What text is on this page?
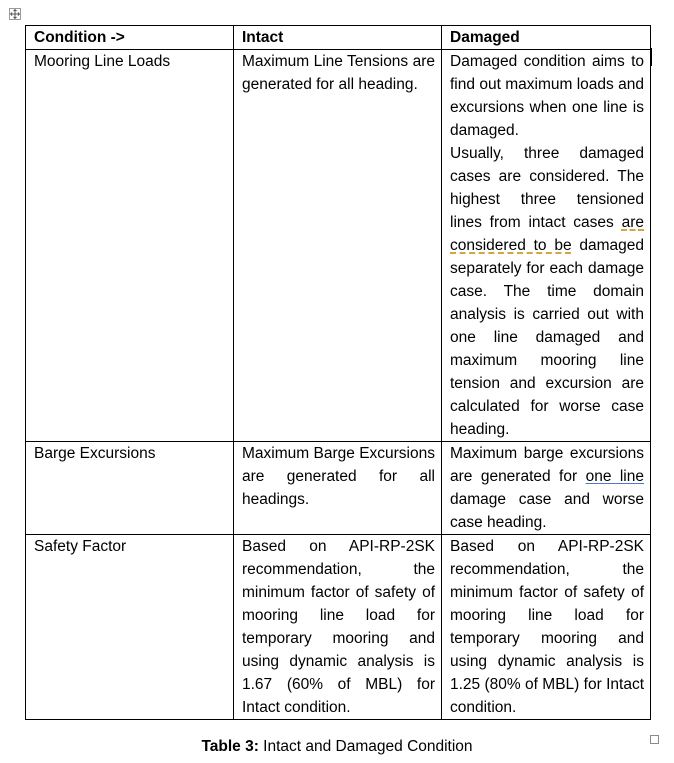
Condition ->	Intact	Damaged
Mooring Line Loads	Maximum Line Tensions are generated for all heading.	Damaged condition aims to find out maximum loads and excursions when one line is damaged.
Usually, three damaged cases are considered. The highest three tensioned lines from intact cases are considered to be damaged separately for each damage case. The time domain analysis is carried out with one line damaged and maximum mooring line tension and excursion are calculated for worse case heading.

Barge Excursions	Maximum Barge Excursions are generated for all headings.	Maximum barge excursions are generated for one line damage case and worse case heading.
Safety Factor	Based on API-RP-2SK recommendation, the minimum factor of safety of mooring line load for temporary mooring and using dynamic analysis is 1.67 (60% of MBL) for Intact condition.	Based on API-RP-2SK recommendation, the minimum factor of safety of mooring line load for temporary mooring and using dynamic analysis is 1.25 (80% of MBL) for Intact condition.
Table 3: Intact and Damaged Condition
